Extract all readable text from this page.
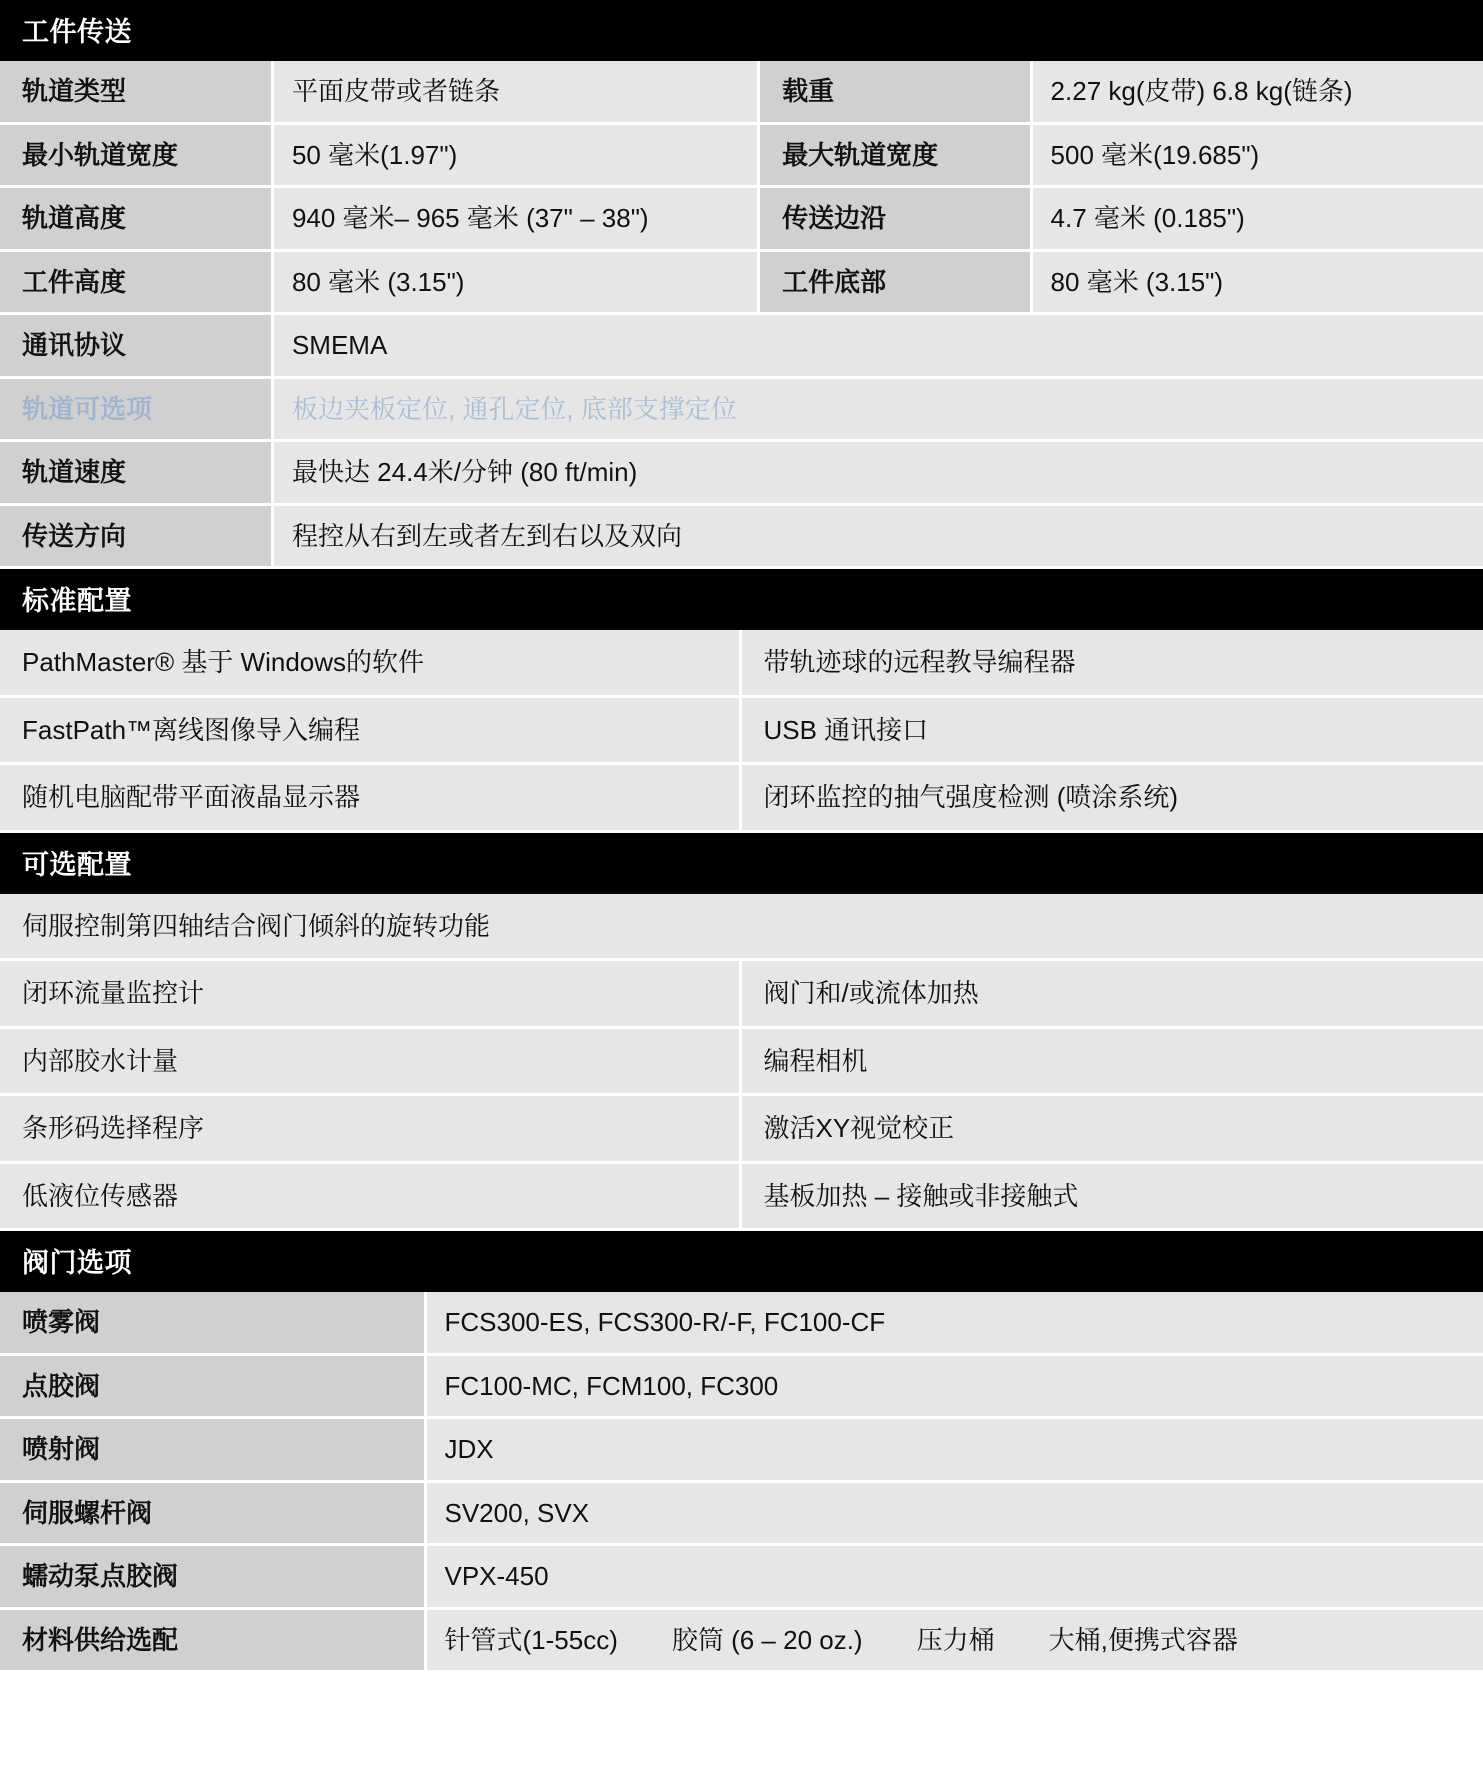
工件传送			
轨道类型	平面皮带或者链条	载重	2.27 kg(皮带) 6.8 kg(链条)
最小轨道宽度	50 毫米(1.97")	最大轨道宽度	500 毫米(19.685")
轨道高度	940 毫米– 965 毫米 (37" – 38")	传送边沿	4.7 毫米 (0.185")
工件高度	80 毫米 (3.15")	工件底部	80 毫米 (3.15")
通讯协议	SMEMA		
轨道可选项	板边夹板定位, 通孔定位, 底部支撑定位		
轨道速度	最快达 24.4米/分钟 (80 ft/min)		
传送方向	程控从右到左或者左到右以及双向		
标准配置	
PathMaster® 基于 Windows的软件	带轨迹球的远程教导编程器
FastPath™离线图像导入编程	USB 通讯接口
随机电脑配带平面液晶显示器	闭环监控的抽气强度检测 (喷涂系统)
可选配置	
伺服控制第四轴结合阀门倾斜的旋转功能	
闭环流量监控计	阀门和/或流体加热
内部胶水计量	编程相机
条形码选择程序	激活XY视觉校正
低液位传感器	基板加热 – 接触或非接触式
阀门选项	
喷雾阀	FCS300-ES, FCS300-R/-F, FC100-CF
点胶阀	FC100-MC, FCM100, FC300
喷射阀	JDX
伺服螺杆阀	SV200, SVX
蠕动泵点胶阀	VPX-450
材料供给选配	针管式(1-55cc) 胶筒 (6 – 20 oz.) 压力桶 大桶,便携式容器
